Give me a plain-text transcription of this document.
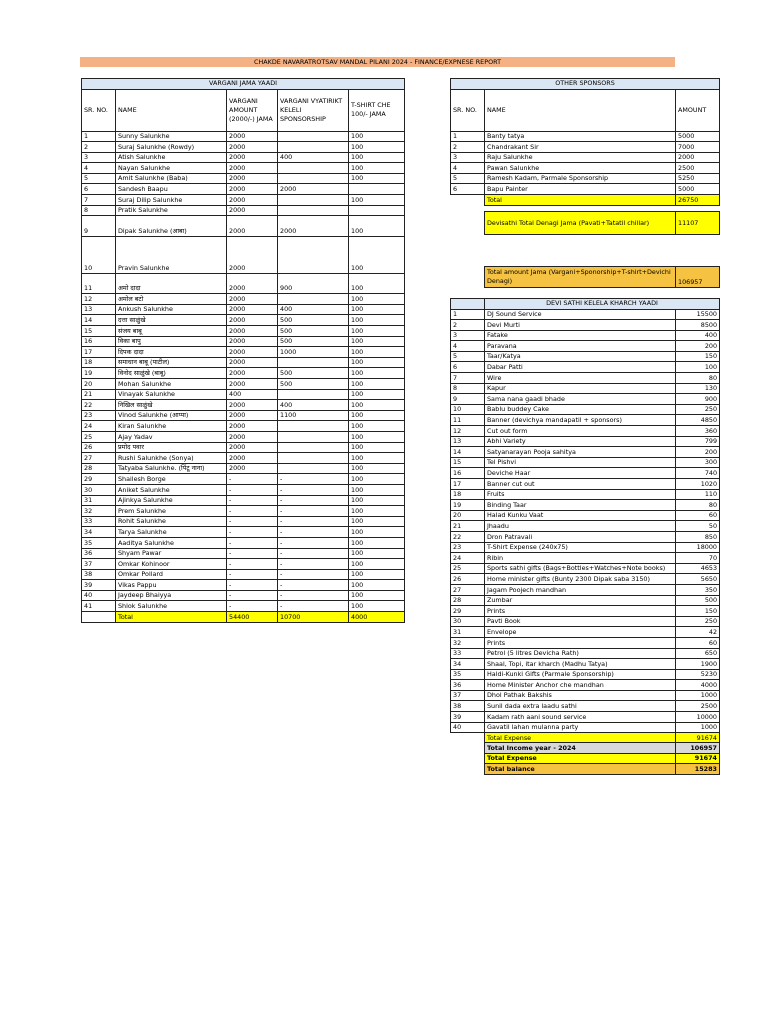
CHAKDE NAVARATROTSAV MANDAL PILANI 2024 - FINANCE/EXPNESE REPORT
VARGANI JAMA YAADI				
SR. NO.	NAME	VARGANI AMOUNT (2000/-) JAMA	VARGANI VYATIRIKT KELELI SPONSORSHIP	T-SHIRT CHE 100/- JAMA
1	Sunny Salunkhe	2000		100
2	Suraj Salunkhe (Rowdy)	2000		100
3	Atish Salunkhe	2000	400	100
4	Nayan Salunkhe	2000		100
5	Amit Salunkhe (Baba)	2000		100
6	Sandesh Baapu	2000	2000	
7	Suraj Dilip Salunkhe	2000		100
8	Pratik Salunkhe	2000		
9	Dipak Salunkhe (आबा)	2000	2000	100
10	Pravin Salunkhe	2000		100
11	अमो दादा	2000	900	100
12	अमोल बटो	2000		100
13	Ankush Salunkhe	2000	400	100
14	दत्ता साळुंखे	2000	500	100
15	संजय बाबू	2000	500	100
16	विका बापु	2000	500	100
17	दिपक दादा	2000	1000	100
18	समाधान बाबू (पाटील)	2000		100
19	विनोद साळुंखे (बाबू)	2000	500	100
20	Mohan Salunkhe	2000	500	100
21	Vinayak Salunkhe	400		100
22	निखिल साळुंखे	2000	400	100
23	Vinod Salunkhe (आप्पा)	2000	1100	100
24	Kiran Salunkhe	2000		100
25	Ajay Yadav	2000		100
26	प्रमोद पवार	2000		100
27	Rushi Salunkhe (Sonya)	2000		100
28	Tatyaba Salunkhe. (पिंटू नाना)	2000		100
29	Shailesh Borge	-	-	100
30	Aniket Salunkhe	-	-	100
31	Ajinkya Salunkhe	-	-	100
32	Prem Salunkhe	-	-	100
33	Rohit Salunkhe	-	-	100
34	Tarya Salunkhe	-	-	100
35	Aaditya Salunkhe	-	-	100
36	Shyam Pawar	-	-	100
37	Omkar Kohinoor	-	-	100
38	Omkar Pollard	-	-	100
39	Vikas Pappu	-	-	100
40	Jaydeep Bhaiyya	-	-	100
41	Shlok Salunkhe	-	-	100
	Total	54400	10700	4000
OTHER SPONSORS		
SR. NO.	NAME	AMOUNT
1	Banty tatya	5000
2	Chandrakant Sir	7000
3	Raju Salunkhe	2000
4	Pawan Salunkhe	2500
5	Ramesh Kadam, Parmale Sponsorship	5250
6	Bapu Painter	5000
	Total	26750
Devisathi Total Denagi Jama (Pavati+Tatatil chillar)	11107
Total amount Jama (Vargani+Sponorship+T-shirt+Devichi Denagi)	106957
	DEVI SATHI KELELA KHARCH YAADI	
1	DJ Sound Service	15500
2	Devi Murti	8500
3	Fatake	400
4	Paravana	200
5	Taar/Katya	150
6	Dabar Patti	100
7	Wire	80
8	Kapur	130
9	Sama nana gaadi bhade	900
10	Bablu buddey Cake	250
11	Banner (devichya mandapatil + sponsors)	4850
12	Cut out form	360
13	Abhi Variety	799
14	Satyanarayan Pooja sahitya	200
15	Tel Pishvi	300
16	Deviche Haar	740
17	Banner cut out	1020
18	Fruits	110
19	Binding Taar	80
20	Halad Kunku Vaat	60
21	Jhaadu	50
22	Dron Patravali	850
23	T-Shirt Expense (240x75)	18000
24	Ribin	70
25	Sports sathi gifts (Bags+Bottles+Watches+Note books)	4653
26	Home minister gifts (Bunty 2300 Dipak saba 3150)	5650
27	Jagam Poojech mandhan	350
28	Zumbar	500
29	Prints	150
30	Pavti Book	250
31	Envelope	42
32	Prints	60
33	Petrol (5 litres Devicha Rath)	650
34	Shaal, Topi, itar kharch (Madhu Tatya)	1900
35	Haldi-Kunki Gifts (Parmale Sponsorship)	5230
36	Home Minister Anchor che mandhan	4000
37	Dhol Pathak Bakshis	1000
38	Sunil dada extra laadu sathi	2500
39	Kadam rath aani sound service	10000
40	Gavatil lahan mulanna party	1000
	Total Expense	91674
Total Income year - 2024	106957
Total Expense	91674
Total balance	15283
